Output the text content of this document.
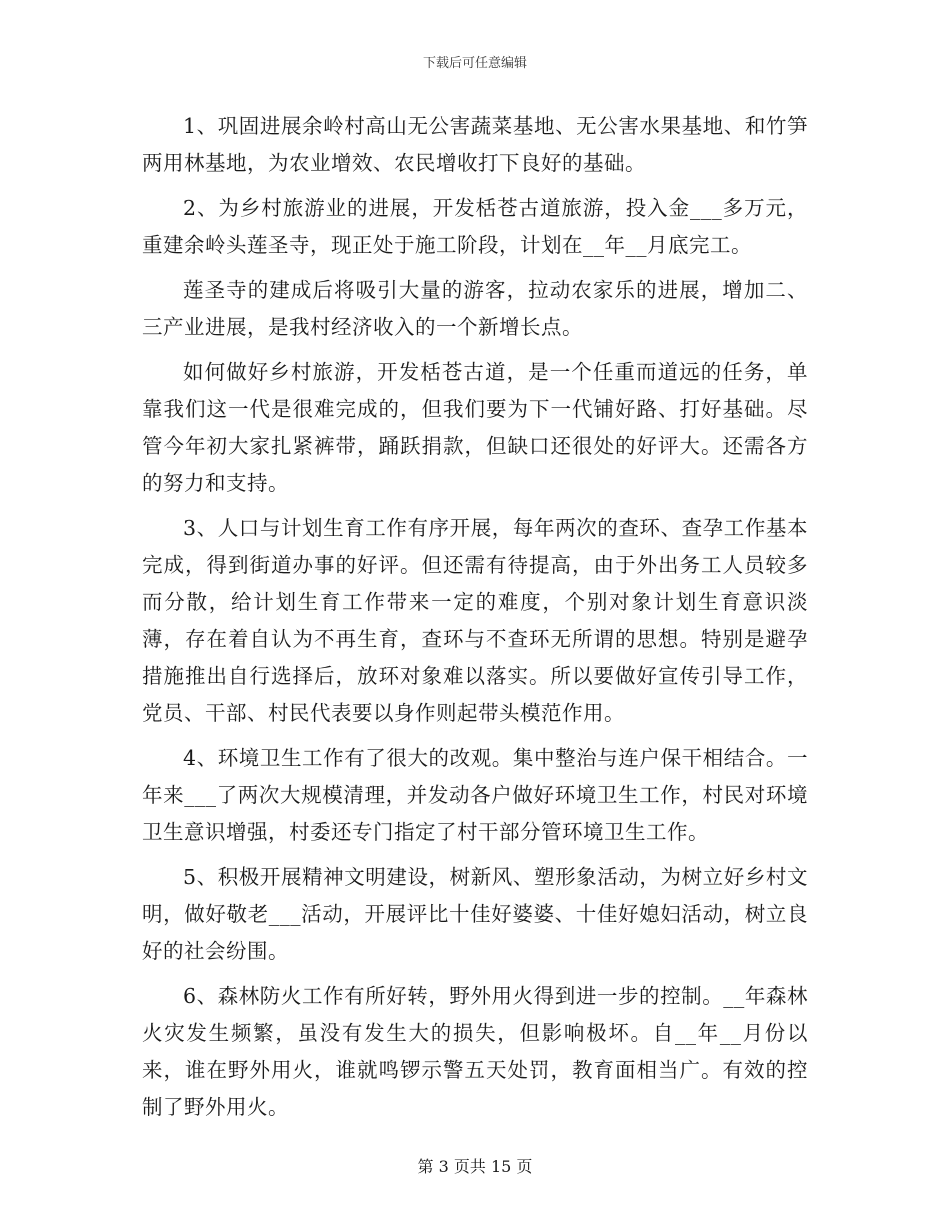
下载后可任意编辑

1、巩固进展余岭村高山无公害蔬菜基地、无公害水果基地、和竹笋两用林基地，为农业增效、农民增收打下良好的基础。

2、为乡村旅游业的进展，开发栝苍古道旅游，投入金___多万元，重建余岭头莲圣寺，现正处于施工阶段，计划在__年__月底完工。

莲圣寺的建成后将吸引大量的游客，拉动农家乐的进展，增加二、三产业进展，是我村经济收入的一个新增长点。

如何做好乡村旅游，开发栝苍古道，是一个任重而道远的任务，单靠我们这一代是很难完成的，但我们要为下一代铺好路、打好基础。尽管今年初大家扎紧裤带，踊跃捐款，但缺口还很处的好评大。还需各方的努力和支持。

3、人口与计划生育工作有序开展，每年两次的查环、查孕工作基本完成，得到街道办事的好评。但还需有待提高，由于外出务工人员较多而分散，给计划生育工作带来一定的难度，个别对象计划生育意识淡薄，存在着自认为不再生育，查环与不查环无所谓的思想。特别是避孕措施推出自行选择后，放环对象难以落实。所以要做好宣传引导工作，党员、干部、村民代表要以身作则起带头模范作用。

4、环境卫生工作有了很大的改观。集中整治与连户保干相结合。一年来___了两次大规模清理，并发动各户做好环境卫生工作，村民对环境卫生意识增强，村委还专门指定了村干部分管环境卫生工作。

5、积极开展精神文明建设，树新风、塑形象活动，为树立好乡村文明，做好敬老___活动，开展评比十佳好婆婆、十佳好媳妇活动，树立良好的社会纷围。

6、森林防火工作有所好转，野外用火得到进一步的控制。__年森林火灾发生频繁，虽没有发生大的损失，但影响极坏。自__年__月份以来，谁在野外用火，谁就鸣锣示警五天处罚，教育面相当广。有效的控制了野外用火。

第 3 页共 15 页
